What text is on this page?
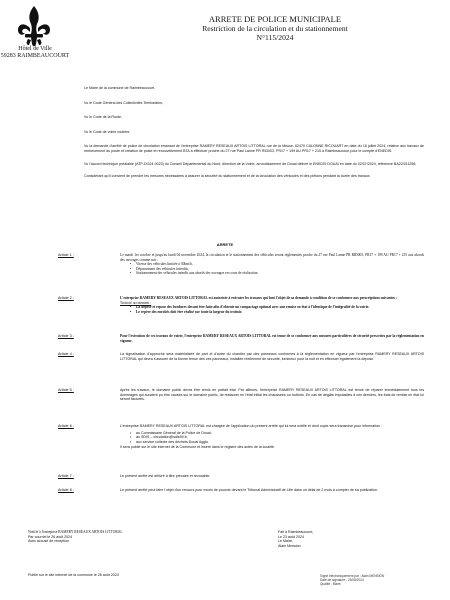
Hôtel de Ville
59283 RAIMBEAUCOURT
ARRETE DE POLICE MUNICIPALE
Restriction de la circulation et du stationnement
N°115/2024
Le Maire de la commune de Raimbeaucourt,
Vu le Code Général des Collectivités Territoriales,
Vu le Code de la Route,
Vu le Code de voirie routière,
Vu la demande d'arrêté de police de circulation émanant de l'entreprise RAMERY RESEAUX ARTOIS LITTORAL rue de la Meuse, 62470 CALONNE RICOUART en date du 16 juillet 2024, relative aux travaux de renforcement du poste et création de poste et renouvellement BTA à effectuer proche du 27 rue Paul Lanne PR RID003, PR17 + 199 AU PR17 + 215 à Raimbeaucourt pour le compte d'ENEDIS.
Vu l'accord technique préalable (ATP-DO24-0023) du Conseil Départemental du Nord, direction de la Voirie, arrondissement de Douai délivré le ENEDIS DOUAI en date du 02/07/2024, référence BA22/011256.
Considérant qu'il convient de prendre les mesures nécessaires à assurer la sécurité du stationnement et de la circulation des véhicules et des piétons pendant la durée des travaux.
ARRETE
Article 1 :	Le mardi 1er octobre et jusqu'au lundi 04 novembre 2024, la circulation et le stationnement des véhicules seront réglementés proche du 27 rue Paul Lanne PR RID003, PR17 + 199 AU PR17 + 215 aux abords des ouvrages comme suit :
• Vitesse des véhicules limitée à 30km/h,
• Dépassement des véhicules interdits,
• Stationnement des véhicules interdit aux abords des ouvrages en cours de réalisation.
Article 2 :	L'entreprise RAMERY RESEAUX ARTOIS LITTORAL est autorisée à exécuter les travaux qui font l'objet de sa demande à condition de se conformer aux prescriptions suivantes :
Trottoir/ accotement :
• La dépose et repose des bordures devant être faite afin d'obtenir un compactage optimal avec une remise en état à l'identique de l'intégralité de la voirie.
• Le repère des enrobés doit être réalisé sur toute la largeur du trottoir.
Article 3 :	Pour l'exécution de ces travaux de voirie, l'entreprise RAMERY RESEAUX ARTOIS LITTORAL est tenue de se conformer aux mesures particulières de sécurité prescrites par la réglementation en vigueur.
Article 4 :	La signalisation d'approche sera matérialisée de part et d'autre du chantier par des panneaux conformes à la réglementation en vigueur par l'entreprise RAMERY RESEAUX ARTOIS LITTORAL qui devra s'assurer de la bonne tenue des ces panneaux, installée réellement de sécurité, lumineux pour la nuit et en effectuer également la dépose.
Article 5 :	Après les travaux, le domaine public devra être remis en parfait état. Par ailleurs, l'entreprise RAMERY RESEAUX ARTOIS LITTORAL est tenue de réparer immédiatement tous les dommages qui auraient pu être causés sur le domaine public, de restaurer en l'état initial les chaussées ou trottoirs. En cas de dégâts imputables à ces derniers, les frais de remise en état lui seront facturés.
Article 6 :	L'entreprise RAMERY RESEAUX ARTOIS LITTORAL est chargée de l'application du présent arrêté qui lui sera notifié et dont copie sera transmise pour information :
• au Commissaire Général de la Police de Douai,
• au SDIS – circulation@sdis59.fr,
• aux service collecte des déchets Douai Agglo.
Il sera publié sur le site internet de la Commune et inséré dans le registre des actes de la localité.
Article 7 :	Le présent arrêté est délivré à titre précaire et révocable.
Article 8 :	Le présent arrêté peut faire l'objet d'un recours pour excès de pouvoir devant le Tribunal Administratif de Lille dans un délai de 2 mois à compter de sa publication.
Notifié à l'entreprise RAMERY RESEAUX ARTOIS LITTORAL
Par courriel le 26 août 2024
Avec accusé de réception
Fait à Raimbeaucourt,
Le 23 août 2024
Le Maire,
Alain Mension
Publié sur le site internet de la commune le 26 août 2024	Signé électroniquement par : Alain MENSION
Date de signature : 23/08/2024
Qualité : Maire
